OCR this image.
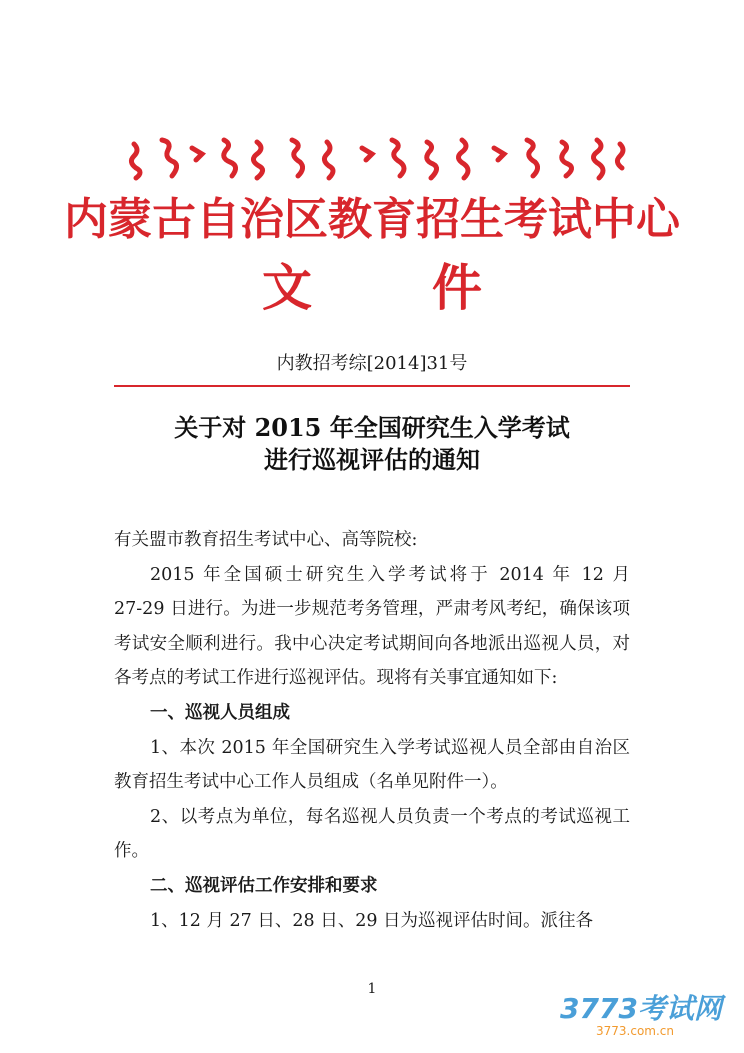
内蒙古自治区教育招生考试中心
文 件
内教招考综[2014]31号
关于对 2015 年全国研究生入学考试
进行巡视评估的通知

有关盟市教育招生考试中心、高等院校:

2015 年全国硕士研究生入学考试将于 2014 年 12 月

27-29 日进行。为进一步规范考务管理，严肃考风考纪，确保该项考试安全顺利进行。我中心决定考试期间向各地派出巡视人员，对各考点的考试工作进行巡视评估。现将有关事宜通知如下:

一、巡视人员组成

1、本次 2015 年全国研究生入学考试巡视人员全部由自治区教育招生考试中心工作人员组成（名单见附件一）。

2、以考点为单位，每名巡视人员负责一个考点的考试巡视工作。

二、巡视评估工作安排和要求

1、12 月 27 日、28 日、29 日为巡视评估时间。派往各

1
3773考试网
3773.com.cn
